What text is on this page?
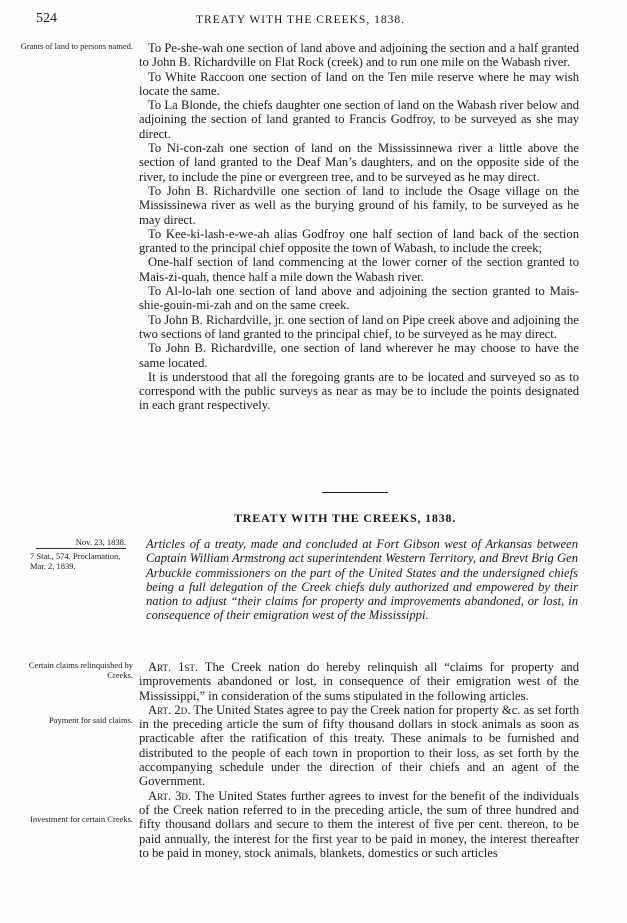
524	TREATY WITH THE CREEKS, 1838.
Grants of land to persons named.	To Pe-she-wah one section of land above and adjoining the section and a half granted to John B. Richardville on Flat Rock (creek) and to run one mile on the Wabash river.

To White Raccoon one section of land on the Ten mile reserve where he may wish locate the same.

To La Blonde, the chiefs daughter one section of land on the Wabash river below and adjoining the section of land granted to Francis Godfroy, to be surveyed as she may direct.

To Ni-con-zah one section of land on the Mississinnewa river a little above the section of land granted to the Deaf Man’s daughters, and on the opposite side of the river, to include the pine or evergreen tree, and to be surveyed as he may direct.

To John B. Richardville one section of land to include the Osage village on the Mississinewa river as well as the burying ground of his family, to be surveyed as he may direct.

To Kee-ki-lash-e-we-ah alias Godfroy one half section of land back of the section granted to the principal chief opposite the town of Wabash, to include the creek;

One-half section of land commencing at the lower corner of the section granted to Mais-zi-quah, thence half a mile down the Wabash river.

To Al-lo-lah one section of land above and adjoining the section granted to Mais-shie-gouin-mi-zah and on the same creek.

To John B. Richardville, jr. one section of land on Pipe creek above and adjoining the two sections of land granted to the principal chief, to be surveyed as he may direct.

To John B. Richardville, one section of land wherever he may choose to have the same located.

It is understood that all the foregoing grants are to be located and surveyed so as to correspond with the public surveys as near as may be to include the points designated in each grant respectively.

TREATY WITH THE CREEKS, 1838.
Nov. 23, 1838.
7 Stat., 574. Proclamation, Mar. 2, 1839.
Articles of a treaty, made and concluded at Fort Gibson west of Arkansas between Captain William Armstrong act superintendent Western Territory, and Brevt Brig Gen Arbuckle commissioners on the part of the United States and the undersigned chiefs being a full delegation of the Creek chiefs duly authorized and empowered by their nation to adjust “their claims for property and improvements abandoned, or lost, in consequence of their emigration west of the Mississippi.
Certain claims relinquished by Creeks.
Payment for said claims.
Investment for certain Creeks.

Art. 1st. The Creek nation do hereby relinquish all “claims for property and improvements abandoned or lost, in consequence of their emigration west of the Mississippi,” in consideration of the sums stipulated in the following articles.

Art. 2d. The United States agree to pay the Creek nation for property &c. as set forth in the preceding article the sum of fifty thousand dollars in stock animals as soon as practicable after the ratification of this treaty. These animals to be furnished and distributed to the people of each town in proportion to their loss, as set forth by the accompanying schedule under the direction of their chiefs and an agent of the Government.

Art. 3d. The United States further agrees to invest for the benefit of the individuals of the Creek nation referred to in the preceding article, the sum of three hundred and fifty thousand dollars and secure to them the interest of five per cent. thereon, to be paid annually, the interest for the first year to be paid in money, the interest thereafter to be paid in money, stock animals, blankets, domestics or such articles
